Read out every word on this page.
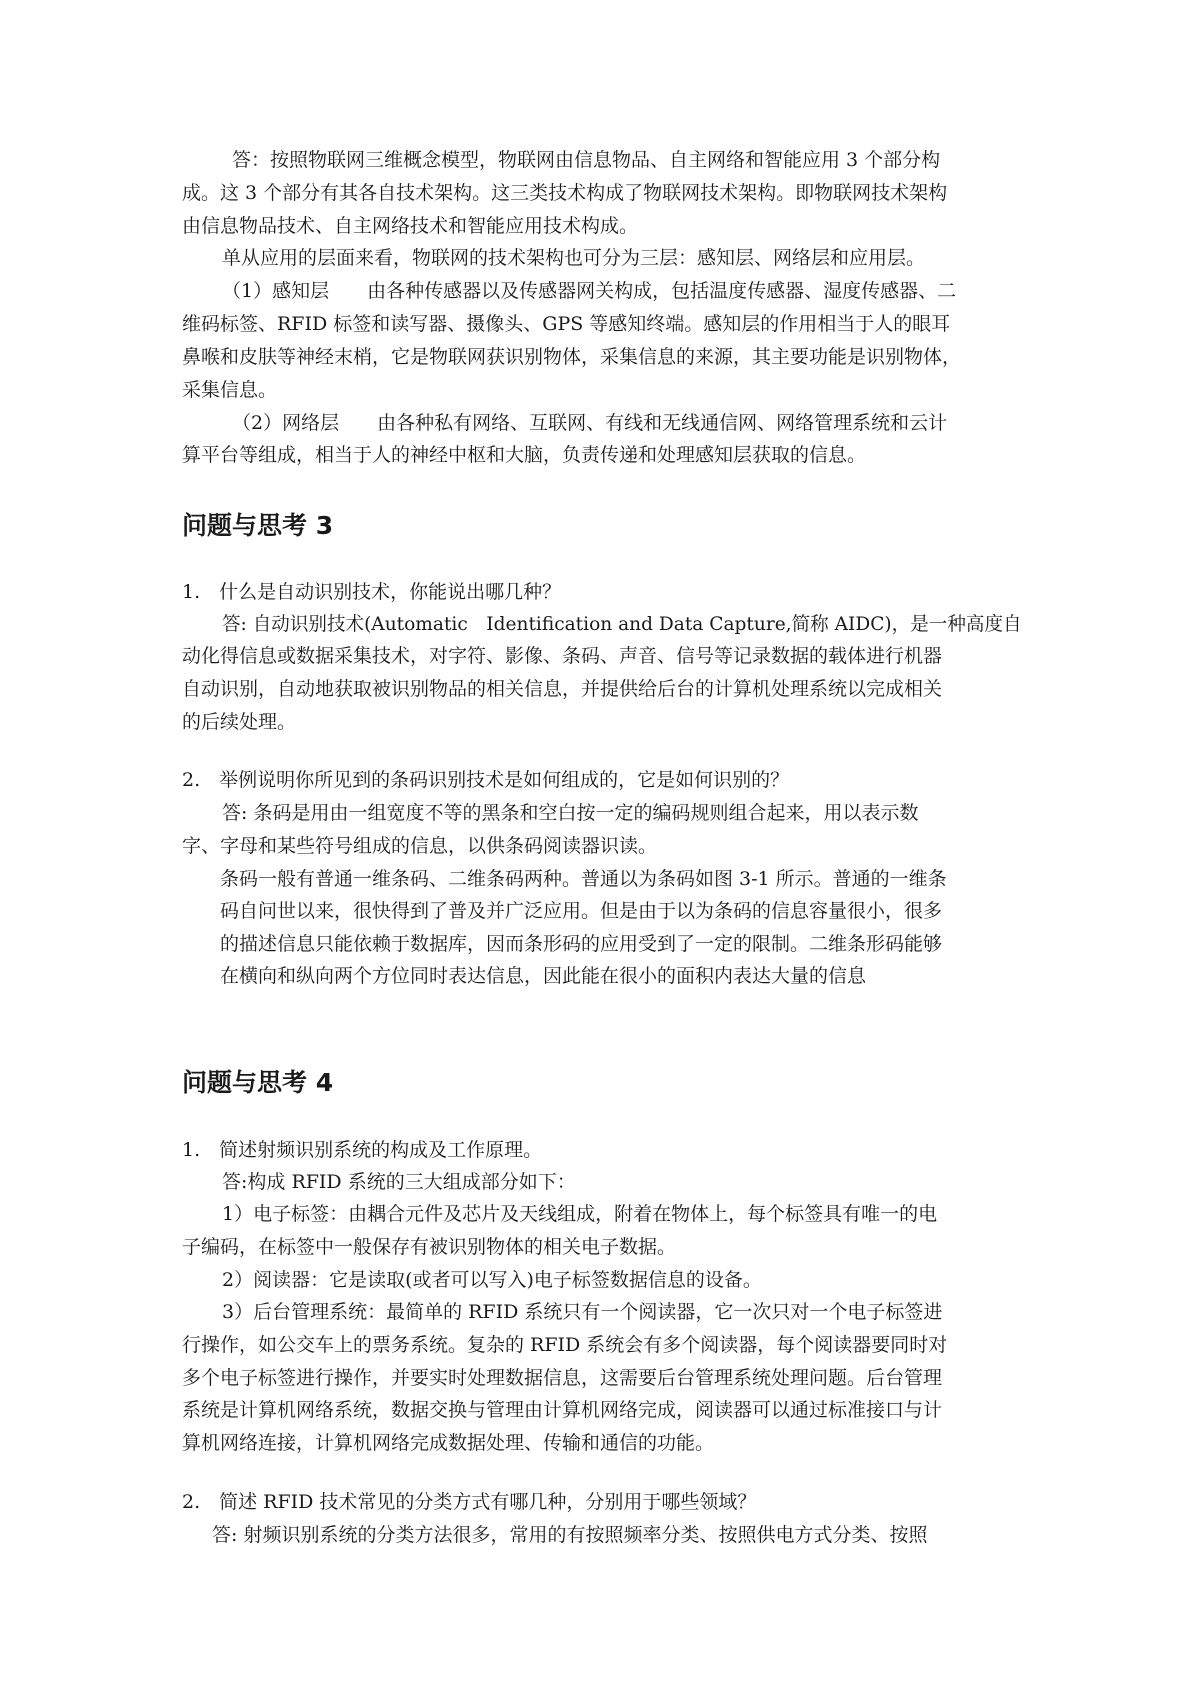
答：按照物联网三维概念模型，物联网由信息物品、自主网络和智能应用 3 个部分构
成。这 3 个部分有其各自技术架构。这三类技术构成了物联网技术架构。即物联网技术架构
由信息物品技术、自主网络技术和智能应用技术构成。
单从应用的层面来看，物联网的技术架构也可分为三层：感知层、网络层和应用层。
（1）感知层　　由各种传感器以及传感器网关构成，包括温度传感器、湿度传感器、二
维码标签、RFID 标签和读写器、摄像头、GPS 等感知终端。感知层的作用相当于人的眼耳
鼻喉和皮肤等神经末梢，它是物联网获识别物体，采集信息的来源，其主要功能是识别物体，
采集信息。
（2）网络层　　由各种私有网络、互联网、有线和无线通信网、网络管理系统和云计
算平台等组成，相当于人的神经中枢和大脑，负责传递和处理感知层获取的信息。
问题与思考 3
1.　什么是自动识别技术，你能说出哪几种？
答: 自动识别技术(Automatic　Identification and Data Capture,简称 AIDC)，是一种高度自
动化得信息或数据采集技术，对字符、影像、条码、声音、信号等记录数据的载体进行机器
自动识别，自动地获取被识别物品的相关信息，并提供给后台的计算机处理系统以完成相关
的后续处理。
2.　举例说明你所见到的条码识别技术是如何组成的，它是如何识别的？
答: 条码是用由一组宽度不等的黑条和空白按一定的编码规则组合起来，用以表示数
字、字母和某些符号组成的信息，以供条码阅读器识读。
条码一般有普通一维条码、二维条码两种。普通以为条码如图 3-1 所示。普通的一维条
码自问世以来，很快得到了普及并广泛应用。但是由于以为条码的信息容量很小，很多
的描述信息只能依赖于数据库，因而条形码的应用受到了一定的限制。二维条形码能够
在横向和纵向两个方位同时表达信息，因此能在很小的面积内表达大量的信息
问题与思考 4
1.　简述射频识别系统的构成及工作原理。
答:构成 RFID 系统的三大组成部分如下：
1）电子标签：由耦合元件及芯片及天线组成，附着在物体上，每个标签具有唯一的电
子编码，在标签中一般保存有被识别物体的相关电子数据。
2）阅读器：它是读取(或者可以写入)电子标签数据信息的设备。
3）后台管理系统：最简单的 RFID 系统只有一个阅读器，它一次只对一个电子标签进
行操作，如公交车上的票务系统。复杂的 RFID 系统会有多个阅读器，每个阅读器要同时对
多个电子标签进行操作，并要实时处理数据信息，这需要后台管理系统处理问题。后台管理
系统是计算机网络系统，数据交换与管理由计算机网络完成，阅读器可以通过标准接口与计
算机网络连接，计算机网络完成数据处理、传输和通信的功能。
2.　简述 RFID 技术常见的分类方式有哪几种，分别用于哪些领域？
答: 射频识别系统的分类方法很多，常用的有按照频率分类、按照供电方式分类、按照
